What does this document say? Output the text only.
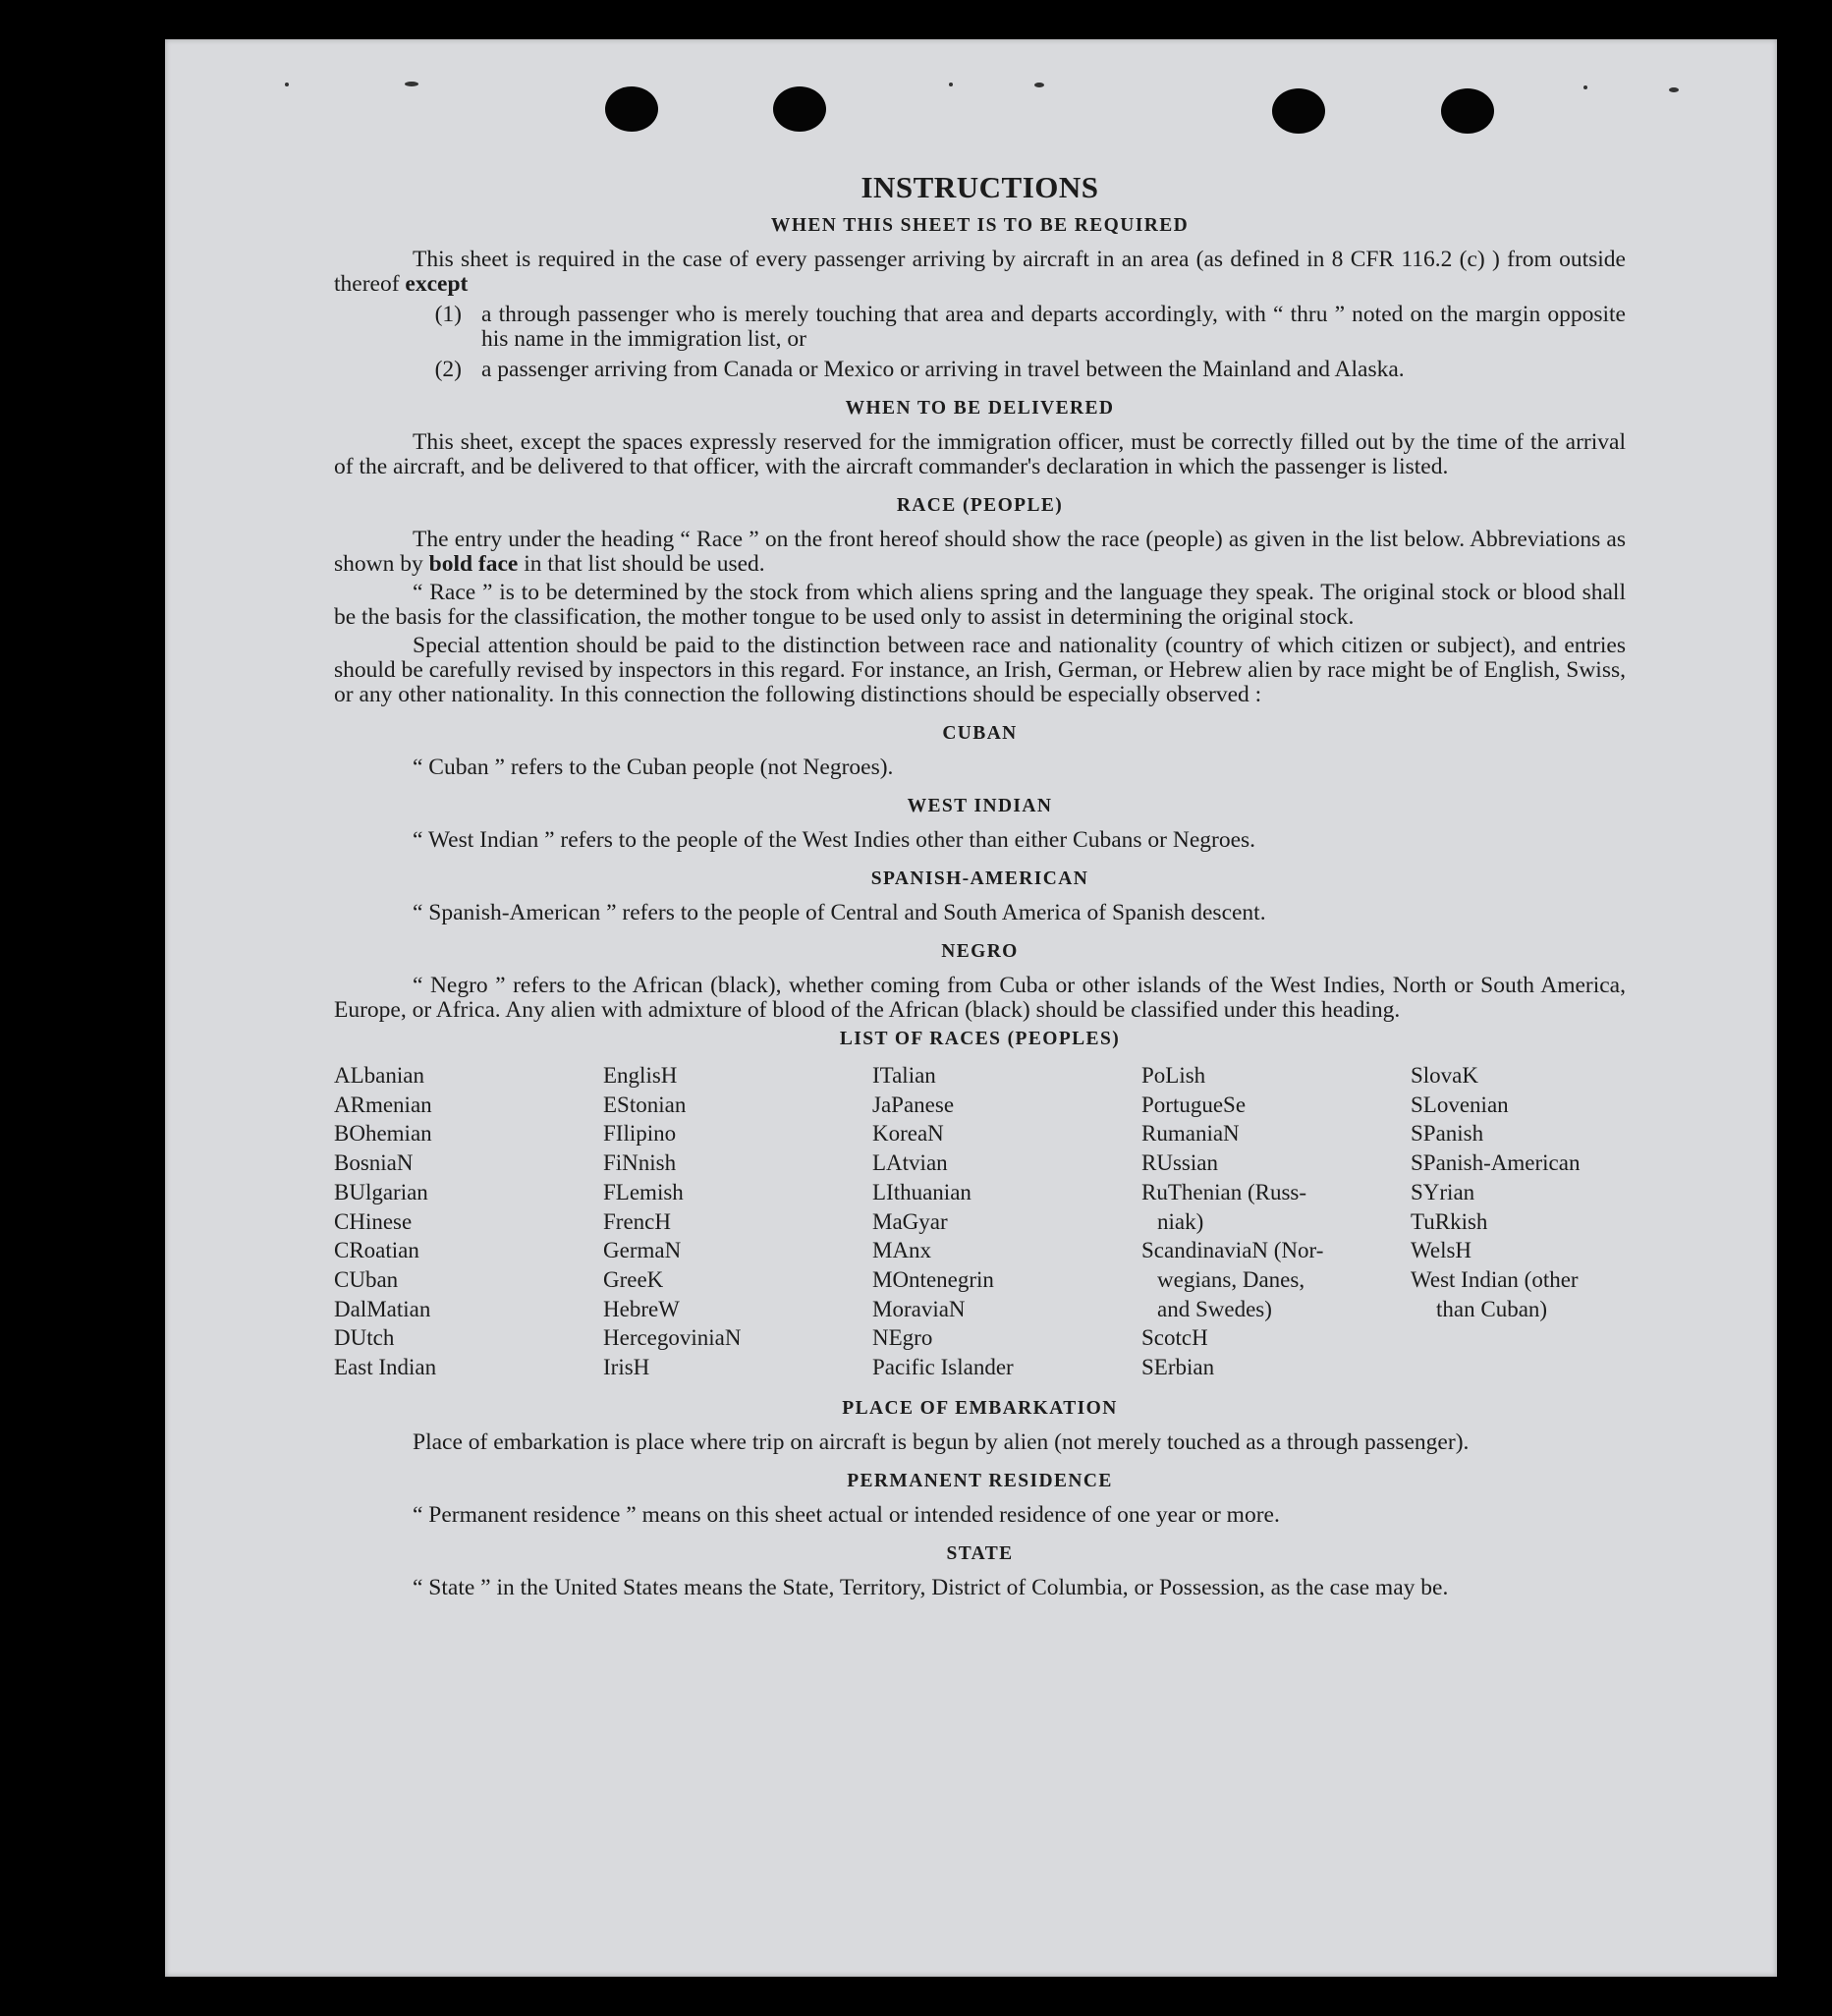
INSTRUCTIONS
WHEN THIS SHEET IS TO BE REQUIRED
This sheet is required in the case of every passenger arriving by aircraft in an area (as defined in 8 CFR 116.2 (c) ) from outside thereof except
(1) a through passenger who is merely touching that area and departs accordingly, with “ thru ” noted on the margin opposite his name in the immigration list, or
(2) a passenger arriving from Canada or Mexico or arriving in travel between the Mainland and Alaska.
WHEN TO BE DELIVERED
This sheet, except the spaces expressly reserved for the immigration officer, must be correctly filled out by the time of the arrival of the aircraft, and be delivered to that officer, with the aircraft commander's declaration in which the passenger is listed.
RACE (PEOPLE)
The entry under the heading “ Race ” on the front hereof should show the race (people) as given in the list below. Abbreviations as shown by bold face in that list should be used.
“ Race ” is to be determined by the stock from which aliens spring and the language they speak. The original stock or blood shall be the basis for the classification, the mother tongue to be used only to assist in determining the original stock.
Special attention should be paid to the distinction between race and nationality (country of which citizen or subject), and entries should be carefully revised by inspectors in this regard. For instance, an Irish, German, or Hebrew alien by race might be of English, Swiss, or any other nationality. In this connection the following distinctions should be especially observed :
CUBAN
“ Cuban ” refers to the Cuban people (not Negroes).
WEST INDIAN
“ West Indian ” refers to the people of the West Indies other than either Cubans or Negroes.
SPANISH-AMERICAN
“ Spanish-American ” refers to the people of Central and South America of Spanish descent.
NEGRO
“ Negro ” refers to the African (black), whether coming from Cuba or other islands of the West Indies, North or South America, Europe, or Africa. Any alien with admixture of blood of the African (black) should be classified under this heading.
LIST OF RACES (PEOPLES)
ALbanian
ARmenian
BOhemian
BosniaN
BUlgarian
CHinese
CRoatian
CUban
DalMatian
DUtch
East Indian
EnglisH
EStonian
FIlipino
FiNnish
FLemish
FrencH
GermaN
GreeK
HebreW
HercegoviniaN
IrisH
ITalian
JaPanese
KoreaN
LAtvian
LIthuanian
MaGyar
MAnx
MOntenegrin
MoraviaN
NEgro
Pacific Islander
PoLish
PortugueSe
RumaniaN
RUssian
RuThenian (Russ-
niak)
ScandinaviaN (Nor-
wegians, Danes,
and Swedes)
ScotcH
SErbian
SlovaK
SLovenian
SPanish
SPanish-American
SYrian
TuRkish
WelsH
West Indian (other
than Cuban)
PLACE OF EMBARKATION
Place of embarkation is place where trip on aircraft is begun by alien (not merely touched as a through passenger).
PERMANENT RESIDENCE
“ Permanent residence ” means on this sheet actual or intended residence of one year or more.
STATE
“ State ” in the United States means the State, Territory, District of Columbia, or Possession, as the case may be.
